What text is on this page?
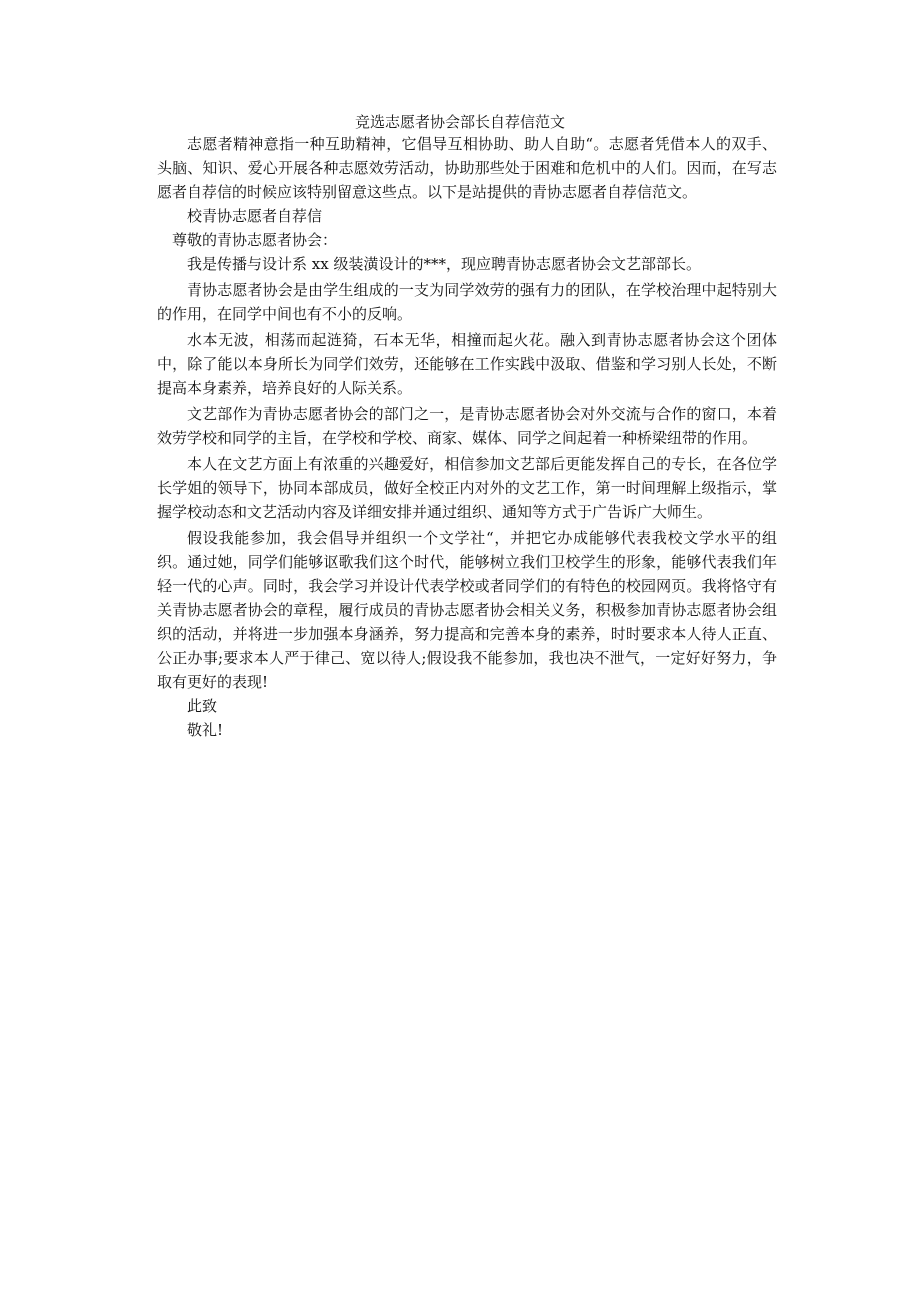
竞选志愿者协会部长自荐信范文

志愿者精神意指一种互助精神，它倡导互相协助、助人自助“。志愿者凭借本人的双手、头脑、知识、爱心开展各种志愿效劳活动，协助那些处于困难和危机中的人们。因而，在写志愿者自荐信的时候应该特别留意这些点。以下是站提供的青协志愿者自荐信范文。

校青协志愿者自荐信

尊敬的青协志愿者协会：

我是传播与设计系 xx 级装潢设计的***，现应聘青协志愿者协会文艺部部长。

青协志愿者协会是由学生组成的一支为同学效劳的强有力的团队，在学校治理中起特别大的作用，在同学中间也有不小的反响。

水本无波，相荡而起涟猗，石本无华，相撞而起火花。融入到青协志愿者协会这个团体中，除了能以本身所长为同学们效劳，还能够在工作实践中汲取、借鉴和学习别人长处，不断提高本身素养，培养良好的人际关系。

文艺部作为青协志愿者协会的部门之一，是青协志愿者协会对外交流与合作的窗口，本着效劳学校和同学的主旨，在学校和学校、商家、媒体、同学之间起着一种桥梁纽带的作用。

本人在文艺方面上有浓重的兴趣爱好，相信参加文艺部后更能发挥自己的专长，在各位学长学姐的领导下，协同本部成员，做好全校正内对外的文艺工作，第一时间理解上级指示，掌握学校动态和文艺活动内容及详细安排并通过组织、通知等方式于广告诉广大师生。

假设我能参加，我会倡导并组织一个文学社“，并把它办成能够代表我校文学水平的组织。通过她，同学们能够讴歌我们这个时代，能够树立我们卫校学生的形象，能够代表我们年轻一代的心声。同时，我会学习并设计代表学校或者同学们的有特色的校园网页。我将恪守有关青协志愿者协会的章程，履行成员的青协志愿者协会相关义务，积极参加青协志愿者协会组织的活动，并将进一步加强本身涵养，努力提高和完善本身的素养，时时要求本人待人正直、公正办事;要求本人严于律己、宽以待人;假设我不能参加，我也决不泄气，一定好好努力，争取有更好的表现!

此致

敬礼!
